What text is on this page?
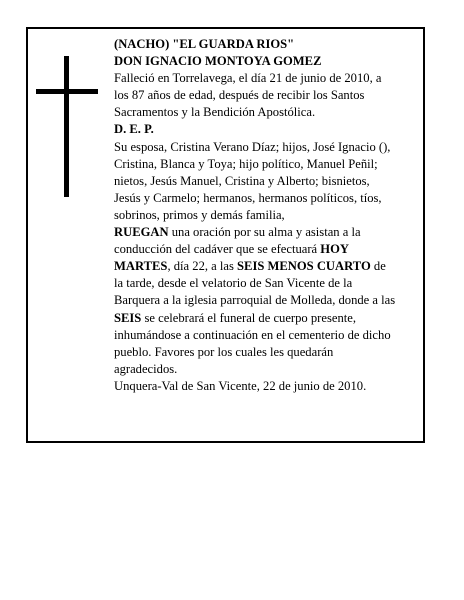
(NACHO) "EL GUARDA RIOS"
DON IGNACIO MONTOYA GOMEZ
Falleció en Torrelavega, el día 21 de junio de 2010, a
los 87 años de edad, después de recibir los Santos
Sacramentos y la Bendición Apostólica.
D. E. P.
Su esposa, Cristina Verano Díaz; hijos, José Ignacio (),
Cristina, Blanca y Toya; hijo político, Manuel Peñil;
nietos, Jesús Manuel, Cristina y Alberto; bisnietos,
Jesús y Carmelo; hermanos, hermanos políticos, tíos,
sobrinos, primos y demás familia,
RUEGAN una oración por su alma y asistan a la
conducción del cadáver que se efectuará HOY
MARTES, día 22, a las SEIS MENOS CUARTO de
la tarde, desde el velatorio de San Vicente de la
Barquera a la iglesia parroquial de Molleda, donde a las
SEIS se celebrará el funeral de cuerpo presente,
inhumándose a continuación en el cementerio de dicho
pueblo. Favores por los cuales les quedarán
agradecidos.
Unquera-Val de San Vicente, 22 de junio de 2010.
